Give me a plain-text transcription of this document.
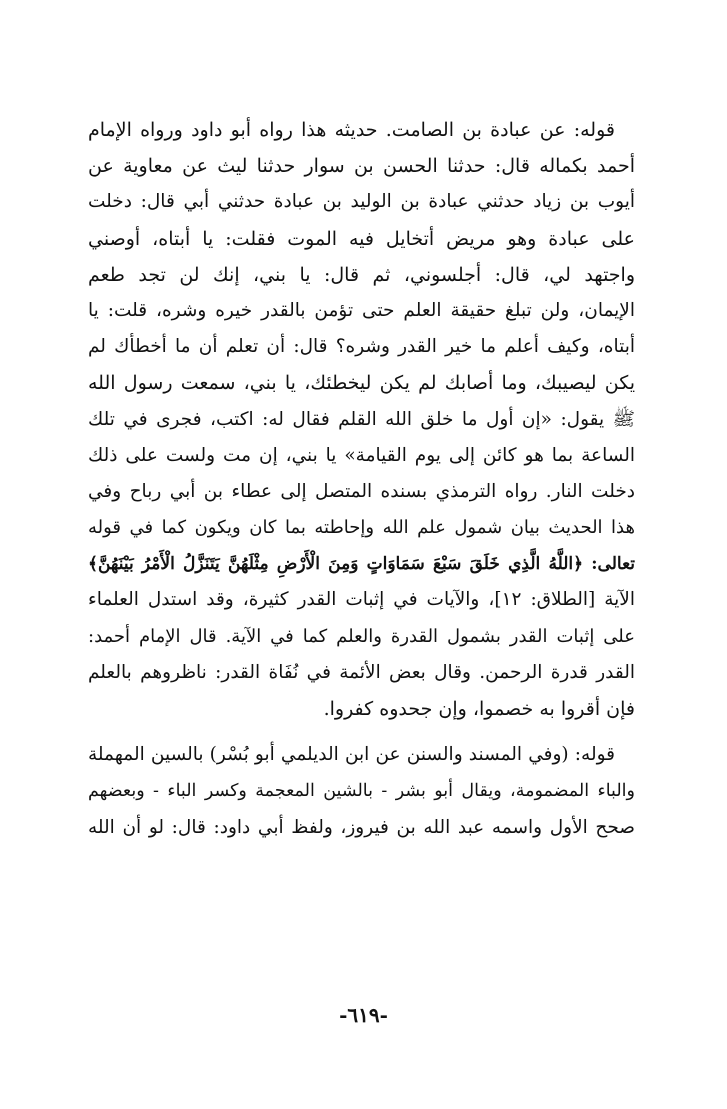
قوله: عن عبادة بن الصامت. حديثه هذا رواه أبو داود ورواه الإمام
أحمد بكماله قال: حدثنا الحسن بن سوار حدثنا ليث عن معاوية عن
أيوب بن زياد حدثني عبادة بن الوليد بن عبادة حدثني أبي قال: دخلت
على عبادة وهو مريض أتخايل فيه الموت فقلت: يا أبتاه، أوصني
واجتهد لي، قال: أجلسوني، ثم قال: يا بني، إنك لن تجد طعم
الإيمان، ولن تبلغ حقيقة العلم حتى تؤمن بالقدر خيره وشره، قلت: يا
أبتاه، وكيف أعلم ما خير القدر وشره؟ قال: أن تعلم أن ما أخطأك لم
يكن ليصيبك، وما أصابك لم يكن ليخطئك، يا بني، سمعت رسول الله
ﷺ يقول: «إن أول ما خلق الله القلم فقال له: اكتب، فجرى في تلك
الساعة بما هو كائن إلى يوم القيامة» يا بني، إن مت ولست على ذلك
دخلت النار. رواه الترمذي بسنده المتصل إلى عطاء بن أبي رباح وفي
هذا الحديث بيان شمول علم الله وإحاطته بما كان ويكون كما في قوله
تعالى: ﴿اللَّهُ الَّذِي خَلَقَ سَبْعَ سَمَاوَاتٍ وَمِنَ الْأَرْضِ مِثْلَهُنَّ يَتَنَزَّلُ الْأَمْرُ بَيْنَهُنَّ﴾
الآية [الطلاق: ١٢]، والآيات في إثبات القدر كثيرة، وقد استدل العلماء
على إثبات القدر بشمول القدرة والعلم كما في الآية. قال الإمام أحمد:
القدر قدرة الرحمن. وقال بعض الأئمة في نُفَاة القدر: ناظروهم بالعلم
فإن أقروا به خصموا، وإن جحدوه كفروا.
قوله: (وفي المسند والسنن عن ابن الديلمي أبو بُسْر) بالسين المهملة
والباء المضمومة، ويقال أبو بشر - بالشين المعجمة وكسر الباء - وبعضهم
صحح الأول واسمه عبد الله بن فيروز، ولفظ أبي داود: قال: لو أن الله
-٦١٩-
